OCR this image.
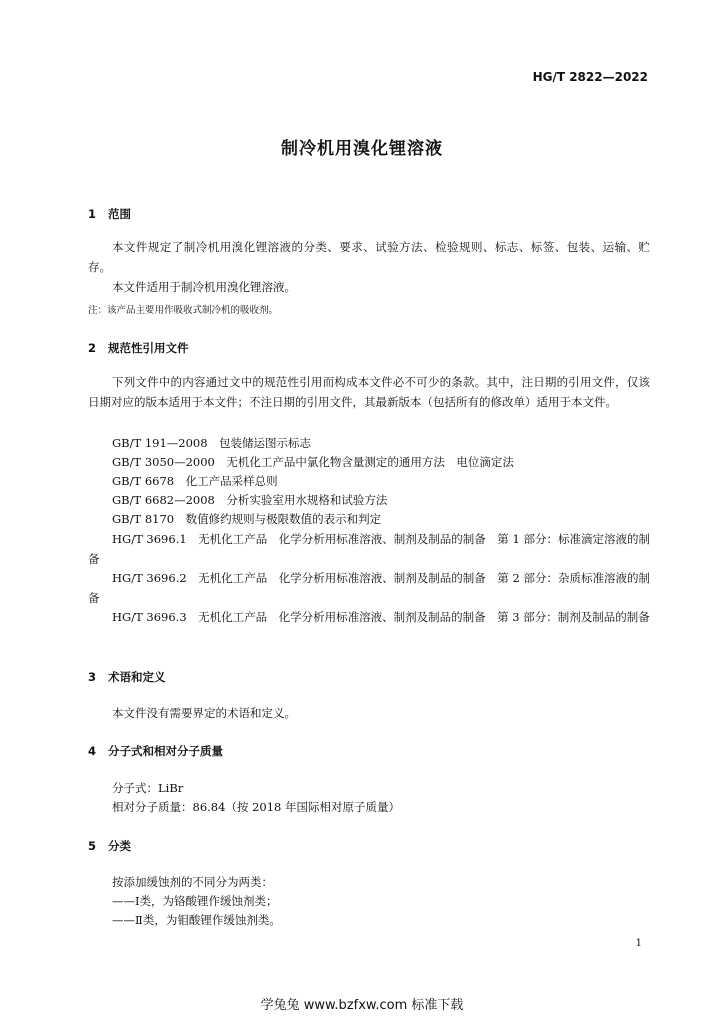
HG/T 2822—2022
制冷机用溴化锂溶液
1 范围
本文件规定了制冷机用溴化锂溶液的分类、要求、试验方法、检验规则、标志、标签、包装、运输、贮存。
本文件适用于制冷机用溴化锂溶液。
注：该产品主要用作吸收式制冷机的吸收剂。
2 规范性引用文件
下列文件中的内容通过文中的规范性引用而构成本文件必不可少的条款。其中，注日期的引用文件，仅该日期对应的版本适用于本文件；不注日期的引用文件，其最新版本（包括所有的修改单）适用于本文件。
GB/T 191—2008　包装储运图示标志
GB/T 3050—2000　无机化工产品中氯化物含量测定的通用方法　电位滴定法
GB/T 6678　化工产品采样总则
GB/T 6682—2008　分析实验室用水规格和试验方法
GB/T 8170　数值修约规则与极限数值的表示和判定
HG/T 3696.1　无机化工产品　化学分析用标准溶液、制剂及制品的制备　第 1 部分：标准滴定溶液的制备
HG/T 3696.2　无机化工产品　化学分析用标准溶液、制剂及制品的制备　第 2 部分：杂质标准溶液的制备
HG/T 3696.3　无机化工产品　化学分析用标准溶液、制剂及制品的制备　第 3 部分：制剂及制品的制备
3 术语和定义
本文件没有需要界定的术语和定义。
4 分子式和相对分子质量
分子式：LiBr
相对分子质量：86.84（按 2018 年国际相对原子质量）
5 分类
按添加缓蚀剂的不同分为两类：
——Ⅰ类，为铬酸锂作缓蚀剂类；
——Ⅱ类，为钼酸锂作缓蚀剂类。
1
学兔兔 www.bzfxw.com 标准下载
